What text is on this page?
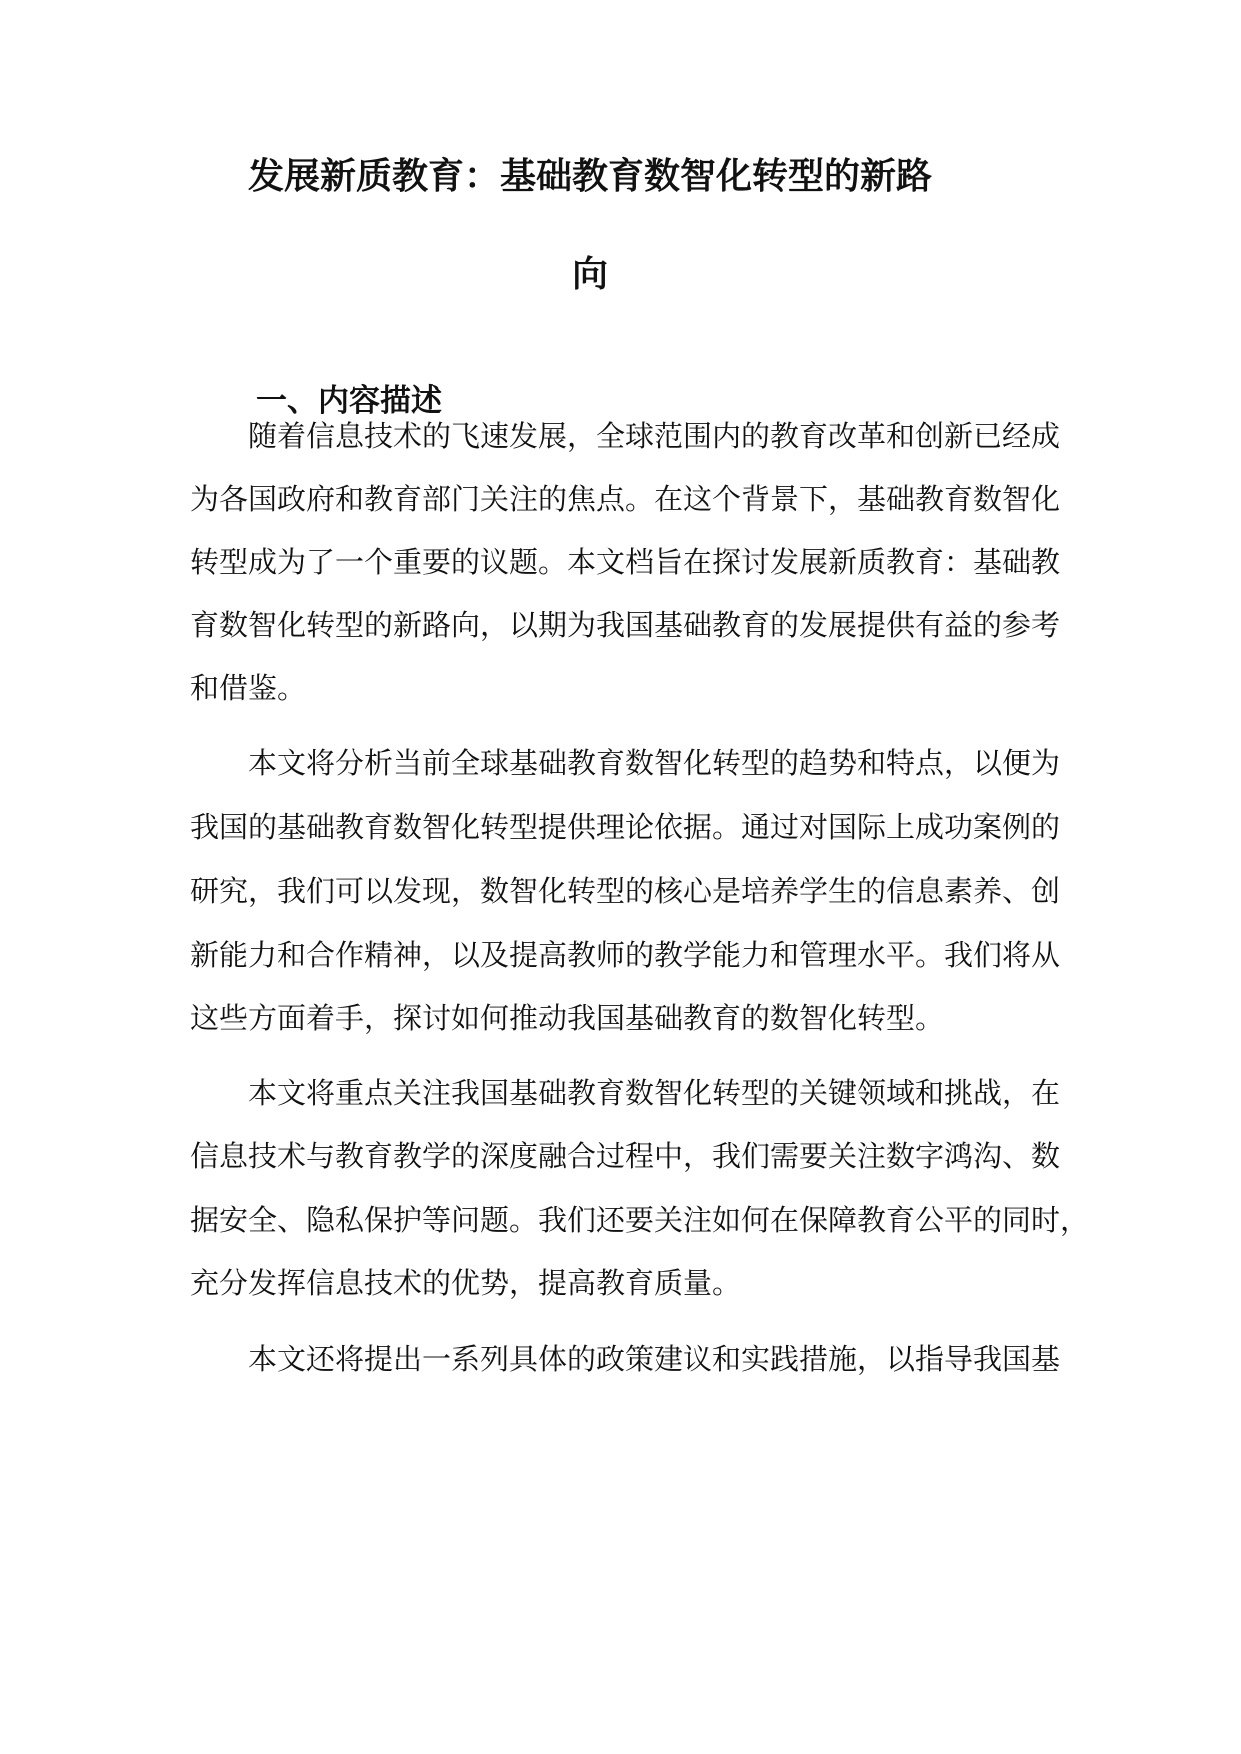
发展新质教育：基础教育数智化转型的新路
向
一、内容描述

随着信息技术的飞速发展，全球范围内的教育改革和创新已经成

为各国政府和教育部门关注的焦点。在这个背景下，基础教育数智化

转型成为了一个重要的议题。本文档旨在探讨发展新质教育：基础教

育数智化转型的新路向，以期为我国基础教育的发展提供有益的参考

和借鉴。

本文将分析当前全球基础教育数智化转型的趋势和特点，以便为

我国的基础教育数智化转型提供理论依据。通过对国际上成功案例的

研究，我们可以发现，数智化转型的核心是培养学生的信息素养、创

新能力和合作精神，以及提高教师的教学能力和管理水平。我们将从

这些方面着手，探讨如何推动我国基础教育的数智化转型。

本文将重点关注我国基础教育数智化转型的关键领域和挑战，在

信息技术与教育教学的深度融合过程中，我们需要关注数字鸿沟、数

据安全、隐私保护等问题。我们还要关注如何在保障教育公平的同时，

充分发挥信息技术的优势，提高教育质量。

本文还将提出一系列具体的政策建议和实践措施，以指导我国基
